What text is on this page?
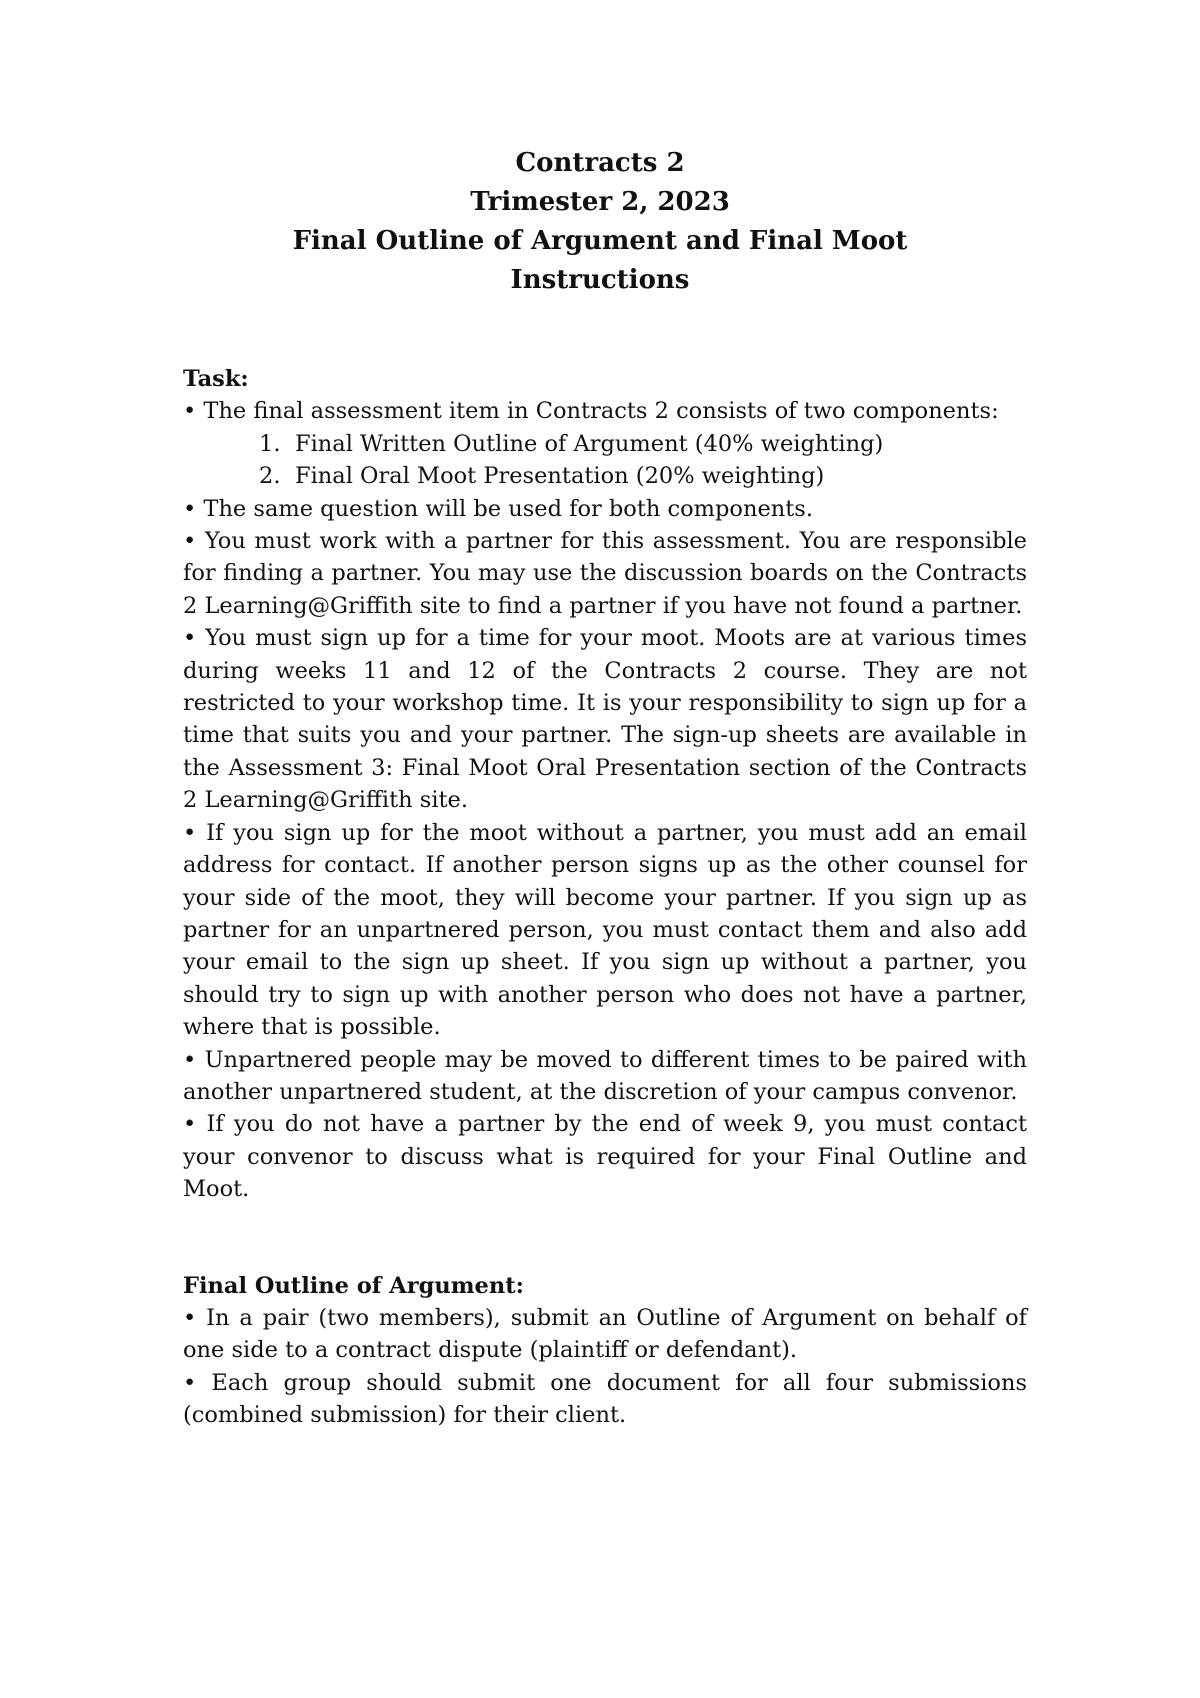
Contracts 2

Trimester 2, 2023

Final Outline of Argument and Final Moot

Instructions

Task:

• The final assessment item in Contracts 2 consists of two components:

1. Final Written Outline of Argument (40% weighting)

2. Final Oral Moot Presentation (20% weighting)

• The same question will be used for both components.

• You must work with a partner for this assessment. You are responsible for finding a partner. You may use the discussion boards on the Contracts 2 Learning@Griffith site to find a partner if you have not found a partner.

• You must sign up for a time for your moot. Moots are at various times during weeks 11 and 12 of the Contracts 2 course. They are not restricted to your workshop time. It is your responsibility to sign up for a time that suits you and your partner. The sign-up sheets are available in the Assessment 3: Final Moot Oral Presentation section of the Contracts 2 Learning@Griffith site.

• If you sign up for the moot without a partner, you must add an email address for contact. If another person signs up as the other counsel for your side of the moot, they will become your partner. If you sign up as partner for an unpartnered person, you must contact them and also add your email to the sign up sheet. If you sign up without a partner, you should try to sign up with another person who does not have a partner, where that is possible.

• Unpartnered people may be moved to different times to be paired with another unpartnered student, at the discretion of your campus convenor.

• If you do not have a partner by the end of week 9, you must contact your convenor to discuss what is required for your Final Outline and Moot.

Final Outline of Argument:

• In a pair (two members), submit an Outline of Argument on behalf of one side to a contract dispute (plaintiff or defendant).

• Each group should submit one document for all four submissions (combined submission) for their client.
